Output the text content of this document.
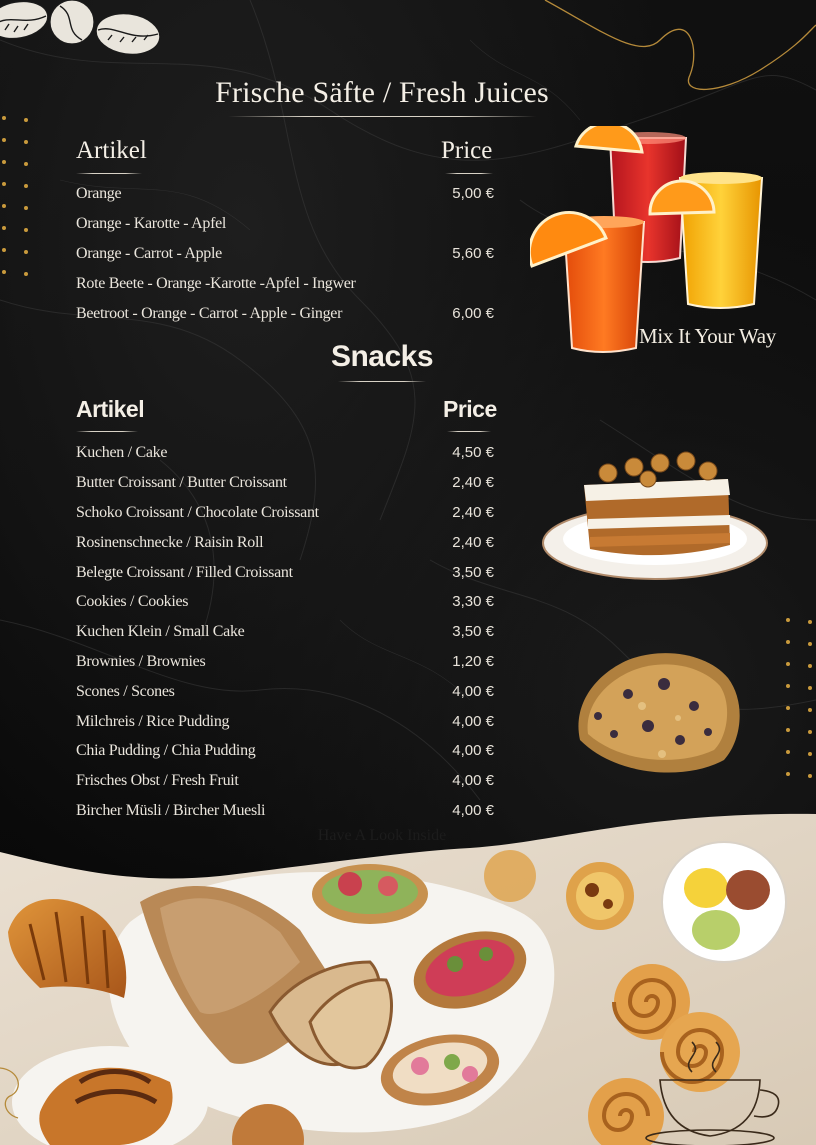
Frische Säfte / Fresh Juices
Artikel	Price
Orange	5,00 €
Orange - Karotte - Apfel
Orange - Carrot - Apple	5,60 €
Rote Beete - Orange -Karotte -Apfel - Ingwer
Beetroot - Orange - Carrot - Apple - Ginger	6,00 €
Mix It Your Way
Snacks
Artikel	Price
Kuchen / Cake	4,50 €
Butter Croissant / Butter Croissant	2,40 €
Schoko Croissant / Chocolate Croissant	2,40 €
Rosinenschnecke / Raisin Roll	2,40 €
Belegte Croissant / Filled Croissant	3,50 €
Cookies / Cookies	3,30 €
Kuchen Klein / Small Cake	3,50 €
Brownies / Brownies	1,20 €
Scones / Scones	4,00 €
Milchreis / Rice Pudding	4,00 €
Chia Pudding / Chia Pudding	4,00 €
Frisches Obst / Fresh Fruit	4,00 €
Bircher Müsli / Bircher Muesli	4,00 €
Have A Look Inside
